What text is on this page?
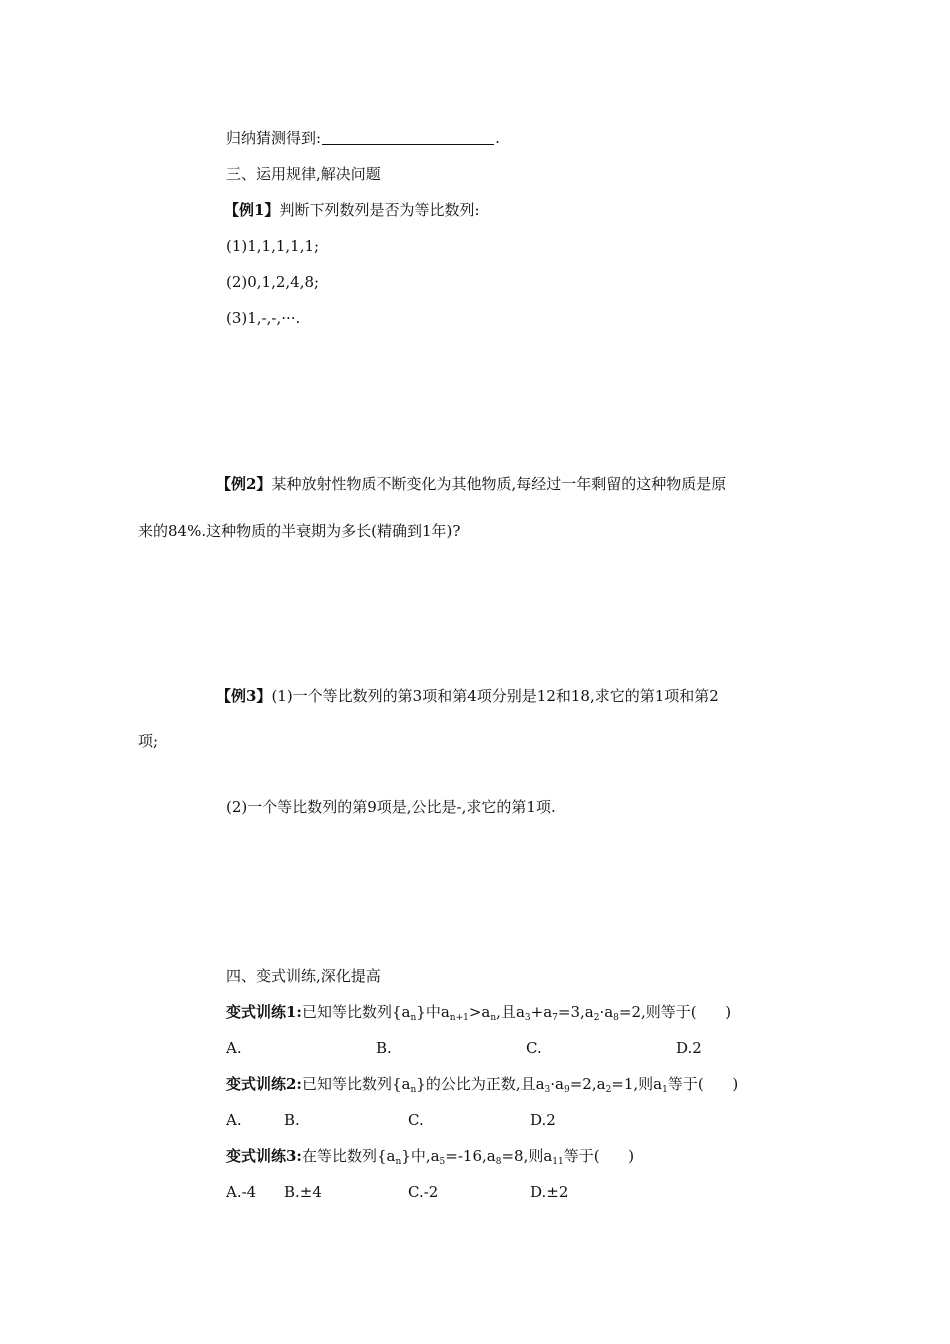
归纳猜测得到:	.
三、运用规律,解决问题
【例1】判断下列数列是否为等比数列:
(1)1,1,1,1,1;
(2)0,1,2,4,8;
(3)1,-,-,···.
【例2】某种放射性物质不断变化为其他物质,每经过一年剩留的这种物质是原
来的84%.这种物质的半衰期为多长(精确到1年)?
【例3】(1)一个等比数列的第3项和第4项分别是12和18,求它的第1项和第2
项;
(2)一个等比数列的第9项是,公比是-,求它的第1项.
四、变式训练,深化提高
变式训练1:已知等比数列$\{a_n\}$中$a_{n+1}>a_n$,且$a_3+a_7=3,a_2\cdot a_8=2$,则等于(      )
A.	B.	C.	D.2
变式训练2:已知等比数列$\{a_n\}$的公比为正数,且$a_3\cdot a_9=2,a_2=1$,则$a_1$等于(      )
A.	B.	C.	D.2
变式训练3:在等比数列$\{a_n\}$中$,a_5=-16,a_8=8$,则$a_{11}$等于(      )
A.-4 B.±4	C.-2	D.±2
